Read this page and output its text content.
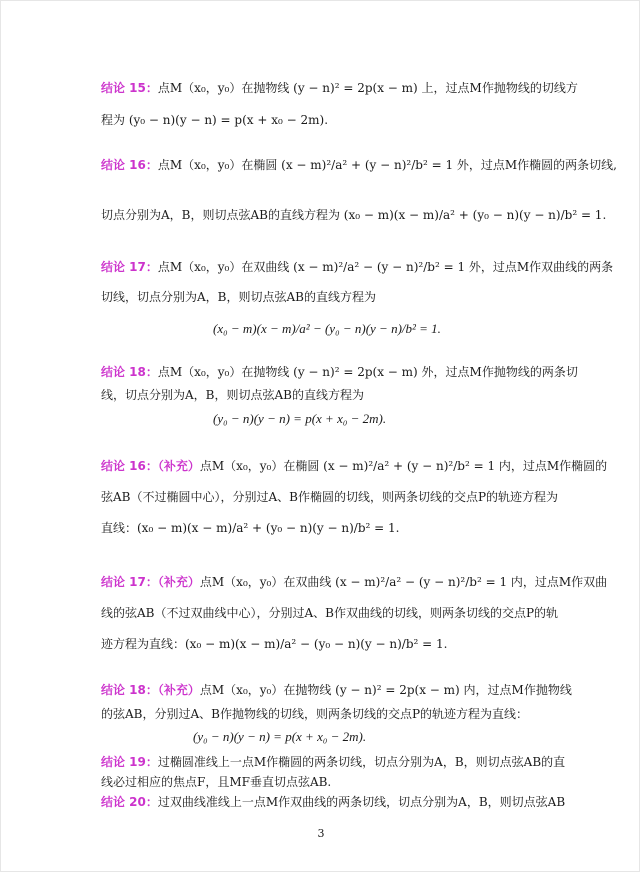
结论 15：点M（x₀，y₀）在抛物线 (y − n)² = 2p(x − m) 上，过点M作抛物线的切线方
程为 (y₀ − n)(y − n) = p(x + x₀ − 2m).
结论 16：点M（x₀，y₀）在椭圆 (x − m)²/a² + (y − n)²/b² = 1 外，过点M作椭圆的两条切线,
切点分别为A，B，则切点弦AB的直线方程为 (x₀ − m)(x − m)/a² + (y₀ − n)(y − n)/b² = 1.
结论 17：点M（x₀，y₀）在双曲线 (x − m)²/a² − (y − n)²/b² = 1 外，过点M作双曲线的两条
切线，切点分别为A，B，则切点弦AB的直线方程为
(x₀ − m)(x − m)/a² − (y₀ − n)(y − n)/b² = 1.
结论 18：点M（x₀，y₀）在抛物线 (y − n)² = 2p(x − m) 外，过点M作抛物线的两条切
线，切点分别为A，B，则切点弦AB的直线方程为
(y₀ − n)(y − n) = p(x + x₀ − 2m).
结论 16：（补充）点M（x₀，y₀）在椭圆 (x − m)²/a² + (y − n)²/b² = 1 内，过点M作椭圆的
弦AB（不过椭圆中心），分别过A、B作椭圆的切线，则两条切线的交点P的轨迹方程为
直线：(x₀ − m)(x − m)/a² + (y₀ − n)(y − n)/b² = 1.
结论 17：（补充）点M（x₀，y₀）在双曲线 (x − m)²/a² − (y − n)²/b² = 1 内，过点M作双曲
线的弦AB（不过双曲线中心），分别过A、B作双曲线的切线，则两条切线的交点P的轨
迹方程为直线：(x₀ − m)(x − m)/a² − (y₀ − n)(y − n)/b² = 1.
结论 18：（补充）点M（x₀，y₀）在抛物线 (y − n)² = 2p(x − m) 内，过点M作抛物线
的弦AB，分别过A、B作抛物线的切线，则两条切线的交点P的轨迹方程为直线：
(y₀ − n)(y − n) = p(x + x₀ − 2m).
结论 19：过椭圆准线上一点M作椭圆的两条切线，切点分别为A，B，则切点弦AB的直
线必过相应的焦点F，且MF垂直切点弦AB.
结论 20：过双曲线准线上一点M作双曲线的两条切线，切点分别为A，B，则切点弦AB
3
